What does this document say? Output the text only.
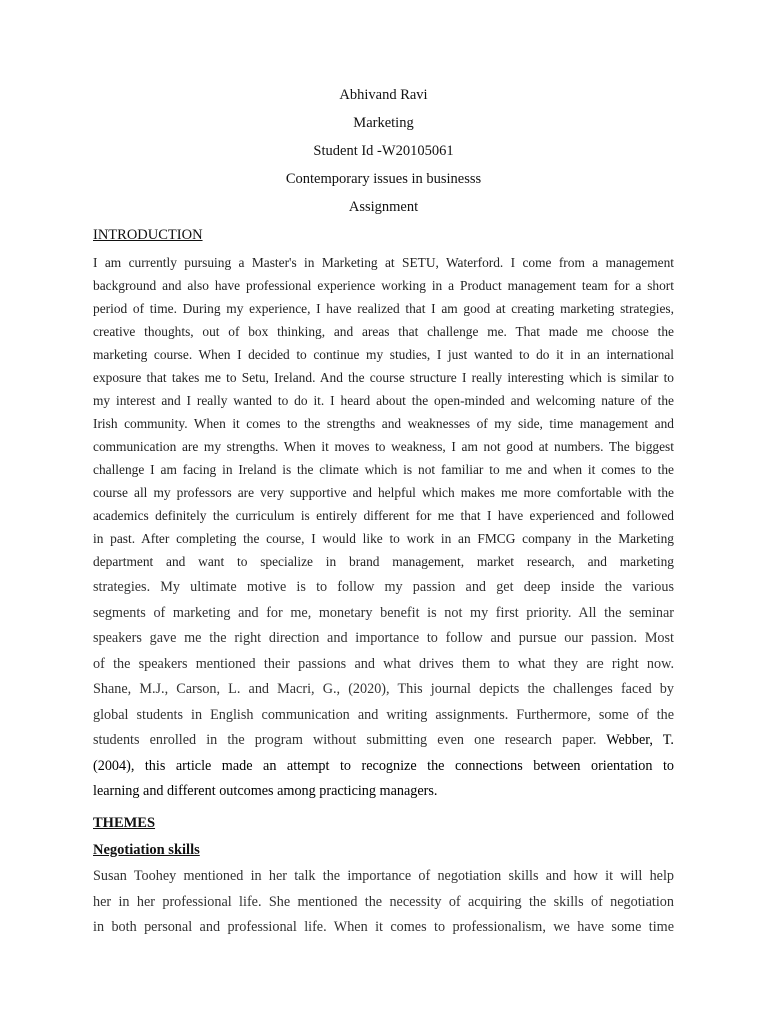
Abhivand Ravi
Marketing
Student Id -W20105061
Contemporary issues in businesss
Assignment
INTRODUCTION
I am currently pursuing a Master's in Marketing at SETU, Waterford. I come from a management
background and also have professional experience working in a Product management team for a short
period of time. During my experience, I have realized that I am good at creating marketing strategies,
creative thoughts, out of box thinking, and areas that challenge me. That made me choose the
marketing course. When I decided to continue my studies, I just wanted to do it in an international
exposure that takes me to Setu, Ireland. And the course structure I really interesting which is similar to
my interest and I really wanted to do it. I heard about the open-minded and welcoming nature of the
Irish community. When it comes to the strengths and weaknesses of my side, time management and
communication are my strengths. When it moves to weakness, I am not good at numbers. The biggest
challenge I am facing in Ireland is the climate which is not familiar to me and when it comes to the
course all my professors are very supportive and helpful which makes me more comfortable with the
academics definitely the curriculum is entirely different for me that I have experienced and followed
in past. After completing the course, I would like to work in an FMCG company in the Marketing
department and want to specialize in brand management, market research, and marketing
strategies. My ultimate motive is to follow my passion and get deep inside the various
segments of marketing and for me, monetary benefit is not my first priority. All the seminar
speakers gave me the right direction and importance to follow and pursue our passion. Most
of the speakers mentioned their passions and what drives them to what they are right now.
Shane, M.J., Carson, L. and Macri, G., (2020), This journal depicts the challenges faced by
global students in English communication and writing assignments. Furthermore, some of the
students enrolled in the program without submitting even one research paper. Webber, T.
(2004), this article made an attempt to recognize the connections between orientation to
learning and different outcomes among practicing managers.
THEMES
Negotiation skills
Susan Toohey mentioned in her talk the importance of negotiation skills and how it will help
her in her professional life. She mentioned the necessity of acquiring the skills of negotiation
in both personal and professional life. When it comes to professionalism, we have some time
